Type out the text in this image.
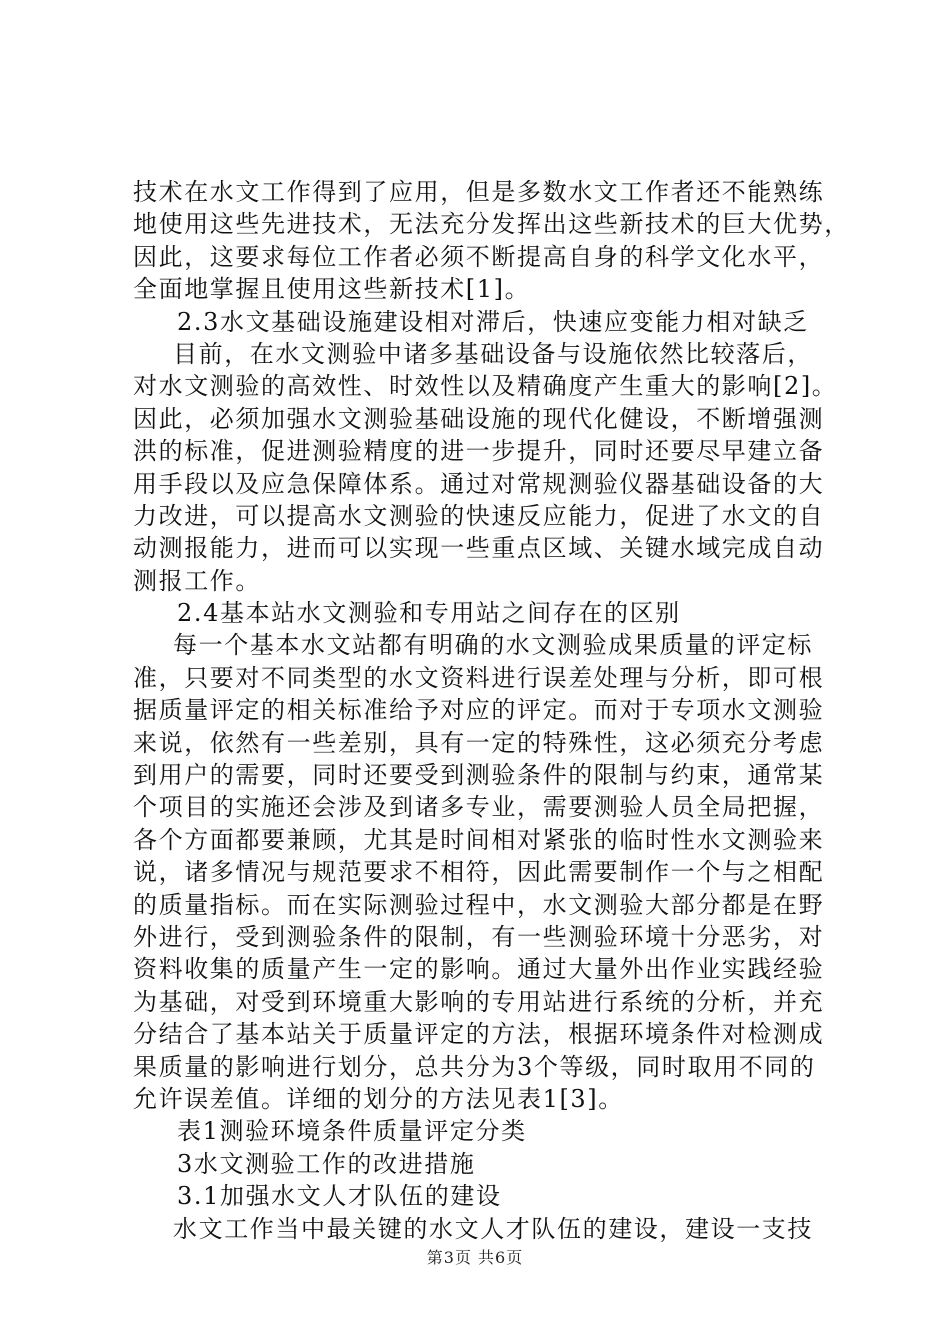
技术在水文工作得到了应用，但是多数水文工作者还不能熟练
地使用这些先进技术，无法充分发挥出这些新技术的巨大优势，
因此，这要求每位工作者必须不断提高自身的科学文化水平，
全面地掌握且使用这些新技术[1]。
2.3水文基础设施建设相对滞后，快速应变能力相对缺乏
目前，在水文测验中诸多基础设备与设施依然比较落后，
对水文测验的高效性、时效性以及精确度产生重大的影响[2]。
因此，必须加强水文测验基础设施的现代化健设，不断增强测
洪的标准，促进测验精度的进一步提升，同时还要尽早建立备
用手段以及应急保障体系。通过对常规测验仪器基础设备的大
力改进，可以提高水文测验的快速反应能力，促进了水文的自
动测报能力，进而可以实现一些重点区域、关键水域完成自动
测报工作。
2.4基本站水文测验和专用站之间存在的区别
每一个基本水文站都有明确的水文测验成果质量的评定标
准，只要对不同类型的水文资料进行误差处理与分析，即可根
据质量评定的相关标准给予对应的评定。而对于专项水文测验
来说，依然有一些差别，具有一定的特殊性，这必须充分考虑
到用户的需要，同时还要受到测验条件的限制与约束，通常某
个项目的实施还会涉及到诸多专业，需要测验人员全局把握，
各个方面都要兼顾，尤其是时间相对紧张的临时性水文测验来
说，诸多情况与规范要求不相符，因此需要制作一个与之相配
的质量指标。而在实际测验过程中，水文测验大部分都是在野
外进行，受到测验条件的限制，有一些测验环境十分恶劣，对
资料收集的质量产生一定的影响。通过大量外出作业实践经验
为基础，对受到环境重大影响的专用站进行系统的分析，并充
分结合了基本站关于质量评定的方法，根据环境条件对检测成
果质量的影响进行划分，总共分为3个等级，同时取用不同的
允许误差值。详细的划分的方法见表1[3]。
表1测验环境条件质量评定分类
3水文测验工作的改进措施
3.1加强水文人才队伍的建设
水文工作当中最关键的水文人才队伍的建设，建设一支技
第3页 共6页
